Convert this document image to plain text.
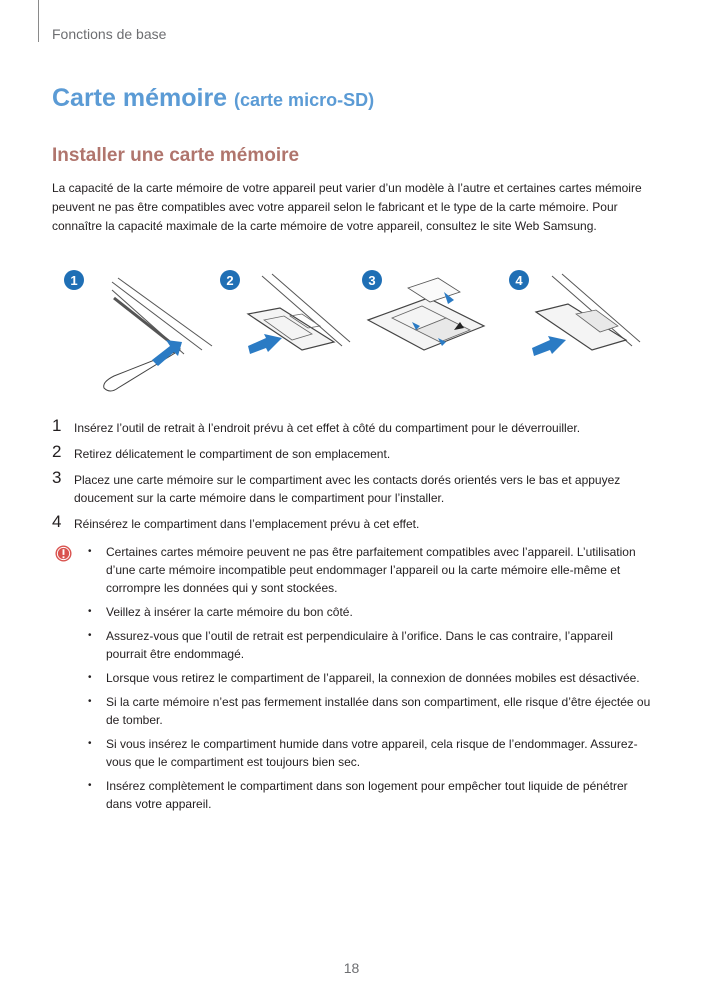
Fonctions de base
Carte mémoire (carte micro-SD)
Installer une carte mémoire

La capacité de la carte mémoire de votre appareil peut varier d’un modèle à l’autre et certaines cartes mémoire peuvent ne pas être compatibles avec votre appareil selon le fabricant et le type de la carte mémoire. Pour connaître la capacité maximale de la carte mémoire de votre appareil, consultez le site Web Samsung.

1	2	3	4
1 Insérez l’outil de retrait à l’endroit prévu à cet effet à côté du compartiment pour le déverrouiller.
2 Retirez délicatement le compartiment de son emplacement.
3 Placez une carte mémoire sur le compartiment avec les contacts dorés orientés vers le bas et appuyez doucement sur la carte mémoire dans le compartiment pour l’installer.
4 Réinsérez le compartiment dans l’emplacement prévu à cet effet.
• Certaines cartes mémoire peuvent ne pas être parfaitement compatibles avec l’appareil. L’utilisation d’une carte mémoire incompatible peut endommager l’appareil ou la carte mémoire elle-même et corrompre les données qui y sont stockées.
• Veillez à insérer la carte mémoire du bon côté.
• Assurez-vous que l’outil de retrait est perpendiculaire à l’orifice. Dans le cas contraire, l’appareil pourrait être endommagé.
• Lorsque vous retirez le compartiment de l’appareil, la connexion de données mobiles est désactivée.
• Si la carte mémoire n’est pas fermement installée dans son compartiment, elle risque d’être éjectée ou de tomber.
• Si vous insérez le compartiment humide dans votre appareil, cela risque de l’endommager. Assurez-vous que le compartiment est toujours bien sec.
• Insérez complètement le compartiment dans son logement pour empêcher tout liquide de pénétrer dans votre appareil.
18
